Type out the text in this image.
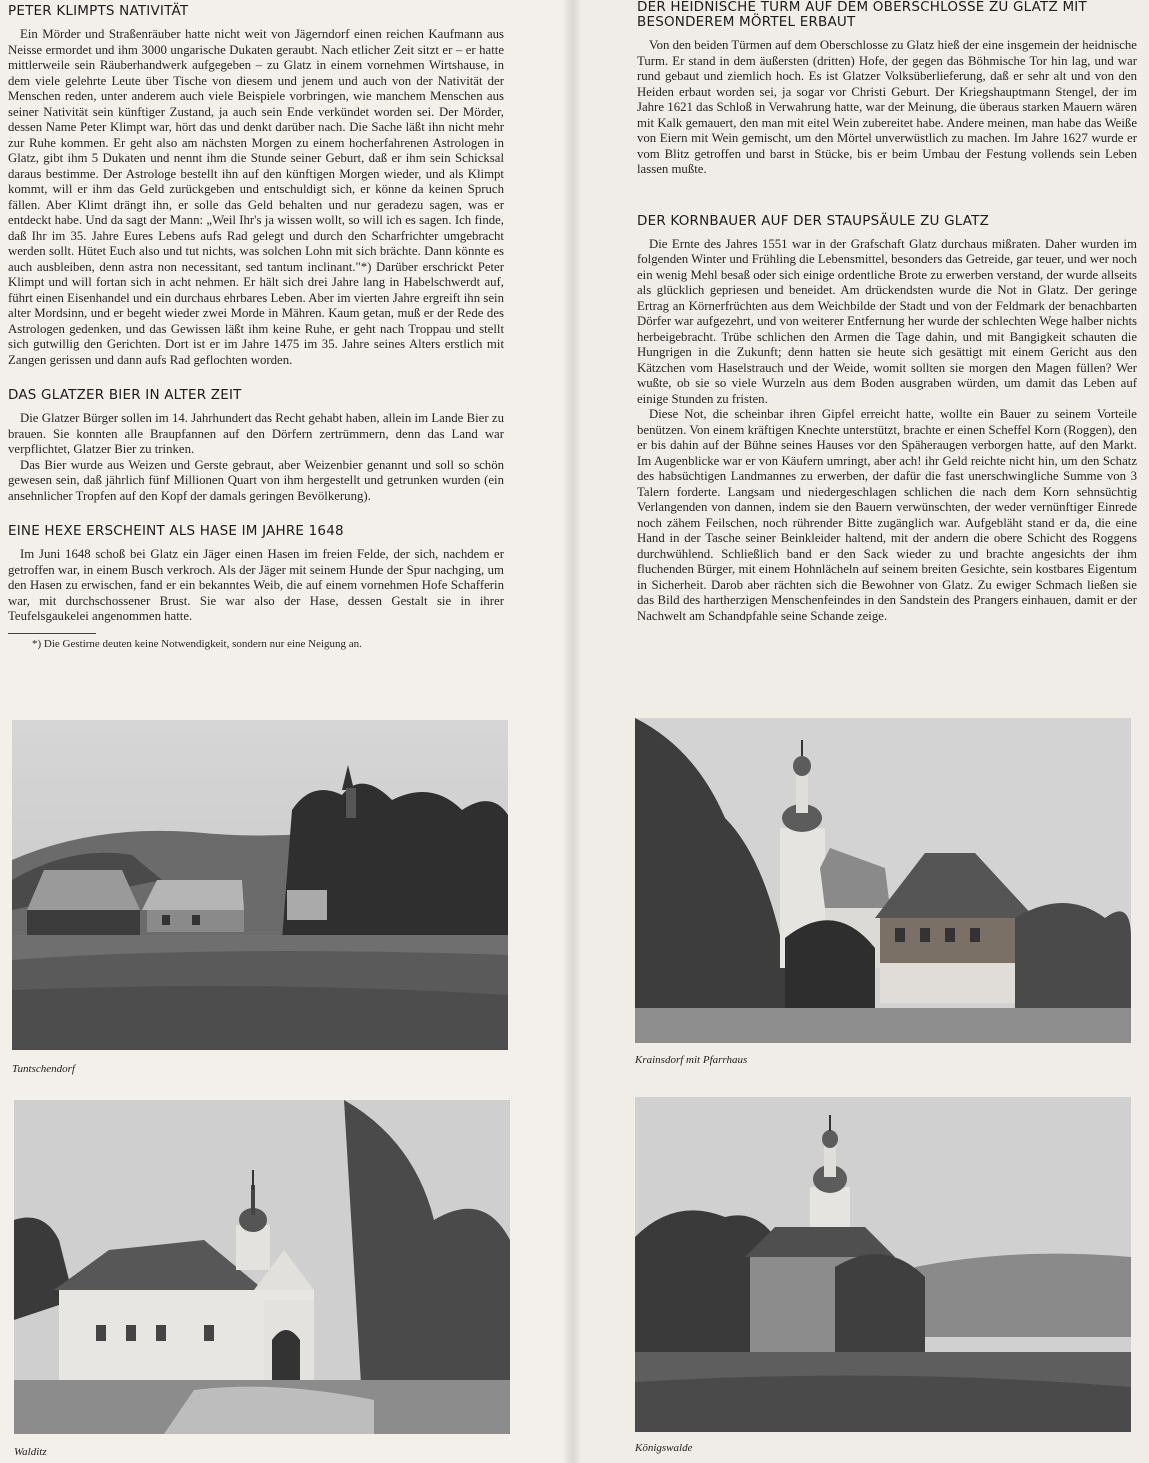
PETER KLIMPTS NATIVITÄT

Ein Mörder und Straßenräuber hatte nicht weit von Jägerndorf einen reichen Kaufmann aus Neisse ermordet und ihm 3000 ungarische Dukaten geraubt. Nach etlicher Zeit sitzt er – er hatte mittlerweile sein Räuberhandwerk aufgegeben – zu Glatz in einem vornehmen Wirtshause, in dem viele gelehrte Leute über Tische von diesem und jenem und auch von der Nativität der Menschen reden, unter anderem auch viele Beispiele vorbringen, wie manchem Menschen aus seiner Nativität sein künftiger Zustand, ja auch sein Ende verkündet worden sei. Der Mörder, dessen Name Peter Klimpt war, hört das und denkt darüber nach. Die Sache läßt ihn nicht mehr zur Ruhe kommen. Er geht also am nächsten Morgen zu einem hocherfahrenen Astrologen in Glatz, gibt ihm 5 Dukaten und nennt ihm die Stunde seiner Geburt, daß er ihm sein Schicksal daraus bestimme. Der Astrologe bestellt ihn auf den künftigen Morgen wieder, und als Klimpt kommt, will er ihm das Geld zurückgeben und entschuldigt sich, er könne da keinen Spruch fällen. Aber Klimt drängt ihn, er solle das Geld behalten und nur geradezu sagen, was er entdeckt habe. Und da sagt der Mann: „Weil Ihr's ja wissen wollt, so will ich es sagen. Ich finde, daß Ihr im 35. Jahre Eures Lebens aufs Rad gelegt und durch den Scharfrichter umgebracht werden sollt. Hütet Euch also und tut nichts, was solchen Lohn mit sich brächte. Dann könnte es auch ausbleiben, denn astra non necessitant, sed tantum inclinant."*) Darüber erschrickt Peter Klimpt und will fortan sich in acht nehmen. Er hält sich drei Jahre lang in Habelschwerdt auf, führt einen Eisenhandel und ein durchaus ehrbares Leben. Aber im vierten Jahre ergreift ihn sein alter Mordsinn, und er begeht wieder zwei Morde in Mähren. Kaum getan, muß er der Rede des Astrologen gedenken, und das Gewissen läßt ihm keine Ruhe, er geht nach Troppau und stellt sich gutwillig den Gerichten. Dort ist er im Jahre 1475 im 35. Jahre seines Alters erstlich mit Zangen gerissen und dann aufs Rad geflochten worden.

DAS GLATZER BIER IN ALTER ZEIT

Die Glatzer Bürger sollen im 14. Jahrhundert das Recht gehabt haben, allein im Lande Bier zu brauen. Sie konnten alle Braupfannen auf den Dörfern zertrümmern, denn das Land war verpflichtet, Glatzer Bier zu trinken.

Das Bier wurde aus Weizen und Gerste gebraut, aber Weizenbier genannt und soll so schön gewesen sein, daß jährlich fünf Millionen Quart von ihm hergestellt und getrunken wurden (ein ansehnlicher Tropfen auf den Kopf der damals geringen Bevölkerung).

EINE HEXE ERSCHEINT ALS HASE IM JAHRE 1648

Im Juni 1648 schoß bei Glatz ein Jäger einen Hasen im freien Felde, der sich, nachdem er getroffen war, in einem Busch verkroch. Als der Jäger mit seinem Hunde der Spur nachging, um den Hasen zu erwischen, fand er ein bekanntes Weib, die auf einem vornehmen Hofe Schafferin war, mit durchschossener Brust. Sie war also der Hase, dessen Gestalt sie in ihrer Teufelsgaukelei angenommen hatte.

*) Die Gestirne deuten keine Notwendigkeit, sondern nur eine Neigung an.

Tuntschendorf
Walditz
DER HEIDNISCHE TURM AUF DEM OBERSCHLOSSE ZU GLATZ MIT BESONDEREM MÖRTEL ERBAUT

Von den beiden Türmen auf dem Oberschlosse zu Glatz hieß der eine insgemein der heidnische Turm. Er stand in dem äußersten (dritten) Hofe, der gegen das Böhmische Tor hin lag, und war rund gebaut und ziemlich hoch. Es ist Glatzer Volksüberlieferung, daß er sehr alt und von den Heiden erbaut worden sei, ja sogar vor Christi Geburt. Der Kriegshauptmann Stengel, der im Jahre 1621 das Schloß in Verwahrung hatte, war der Meinung, die überaus starken Mauern wären mit Kalk gemauert, den man mit eitel Wein zubereitet habe. Andere meinen, man habe das Weiße von Eiern mit Wein gemischt, um den Mörtel unverwüstlich zu machen. Im Jahre 1627 wurde er vom Blitz getroffen und barst in Stücke, bis er beim Umbau der Festung vollends sein Leben lassen mußte.

DER KORNBAUER AUF DER STAUPSÄULE ZU GLATZ

Die Ernte des Jahres 1551 war in der Grafschaft Glatz durchaus mißraten. Daher wurden im folgenden Winter und Frühling die Lebensmittel, besonders das Getreide, gar teuer, und wer noch ein wenig Mehl besaß oder sich einige ordentliche Brote zu erwerben verstand, der wurde allseits als glücklich gepriesen und beneidet. Am drückendsten wurde die Not in Glatz. Der geringe Ertrag an Körnerfrüchten aus dem Weichbilde der Stadt und von der Feldmark der benachbarten Dörfer war aufgezehrt, und von weiterer Entfernung her wurde der schlechten Wege halber nichts herbeigebracht. Trübe schlichen den Armen die Tage dahin, und mit Bangigkeit schauten die Hungrigen in die Zukunft; denn hatten sie heute sich gesättigt mit einem Gericht aus den Kätzchen vom Haselstrauch und der Weide, womit sollten sie morgen den Magen füllen? Wer wußte, ob sie so viele Wurzeln aus dem Boden ausgraben würden, um damit das Leben auf einige Stunden zu fristen.

Diese Not, die scheinbar ihren Gipfel erreicht hatte, wollte ein Bauer zu seinem Vorteile benützen. Von einem kräftigen Knechte unterstützt, brachte er einen Scheffel Korn (Roggen), den er bis dahin auf der Bühne seines Hauses vor den Späheraugen verborgen hatte, auf den Markt. Im Augenblicke war er von Käufern umringt, aber ach! ihr Geld reichte nicht hin, um den Schatz des habsüchtigen Landmannes zu erwerben, der dafür die fast unerschwingliche Summe von 3 Talern forderte. Langsam und niedergeschlagen schlichen die nach dem Korn sehnsüchtig Verlangenden von dannen, indem sie den Bauern verwünschten, der weder vernünftiger Einrede noch zähem Feilschen, noch rührender Bitte zugänglich war. Aufgebläht stand er da, die eine Hand in der Tasche seiner Beinkleider haltend, mit der andern die obere Schicht des Roggens durchwühlend. Schließlich band er den Sack wieder zu und brachte angesichts der ihm fluchenden Bürger, mit einem Hohnlächeln auf seinem breiten Gesichte, sein kostbares Eigentum in Sicherheit. Darob aber rächten sich die Bewohner von Glatz. Zu ewiger Schmach ließen sie das Bild des hartherzigen Menschenfeindes in den Sandstein des Prangers einhauen, damit er der Nachwelt am Schandpfahle seine Schande zeige.

Krainsdorf mit Pfarrhaus
Königswalde
